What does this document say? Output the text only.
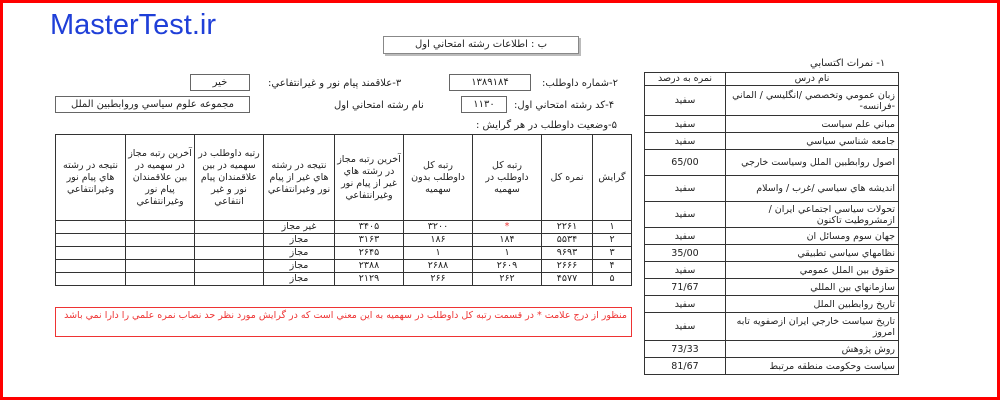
MasterTest.ir
ب : اطلاعات رشته امتحاني اول
۱- نمرات اكتسابي
۲-شماره داوطلب:
۱۳۸۹۱۸۴
۳-علاقمند پيام نور و غيرانتفاعي:
خير
۴-كد رشته امتحاني اول:
۱۱۳۰
نام رشته امتحاني اول
مجموعه علوم سياسي وروابطبين الملل
۵-وضعيت داوطلب در هر گرايش :
گرايش	نمره كل	رتبه كل داوطلب در سهميه	رتبه كل داوطلب بدون سهميه	آخرين رتبه مجاز در رشته هاي غير از پيام نور وغيرانتفاعي	نتيجه در رشته هاي غير از پيام نور وغيرانتفاعي	رتبه داوطلب در سهميه در بين علاقمندان پيام نور و غير انتفاعي	آخرين رتبه مجاز در سهميه در بين علاقمندان پيام نور وغيرانتفاعي	نتيجه در رشته هاي پيام نور وغيرانتفاعي
۱	۲۲۶۱	*	۳۲۰۰	۳۴۰۵	غير مجاز			
۲	۵۵۳۴	۱۸۴	۱۸۶	۳۱۶۳	مجاز			
۳	۹۶۹۳	۱	۱	۲۶۴۵	مجاز			
۴	۲۶۶۶	۲۶۰۹	۲۶۸۸	۲۳۸۸	مجاز			
۵	۴۵۷۷	۲۶۲	۲۶۶	۲۱۲۹	مجاز			
منظور از درج علامت * در قسمت رتبه كل داوطلب در سهميه به اين معني است كه در گرايش مورد نظر حد نصاب نمره علمي را دارا نمي باشد
نام درس	نمره به درصد
زبان عمومي وتخصصي /انگليسي / الماني -فرانسه-	سفيد
مباني علم سياست	سفيد
جامعه شناسي سياسي	سفيد
اصول روابطبين الملل وسياست خارجي	65/00
انديشه هاي سياسي /غرب / واسلام	سفيد
تحولات سياسي اجتماعي ايران /ازمشروطيت تاكنون	سفيد
جهان سوم ومسائل ان	سفيد
نظامهاي سياسي تطبيقي	35/00
حقوق بين الملل عمومي	سفيد
سازمانهاي بين المللي	71/67
تاريخ روابطبين الملل	سفيد
تاريخ سياست خارجي ايران ازصفويه تابه امروز	سفيد
روش پژوهش	73/33
سياست وحكومت منطقه مرتبط	81/67
